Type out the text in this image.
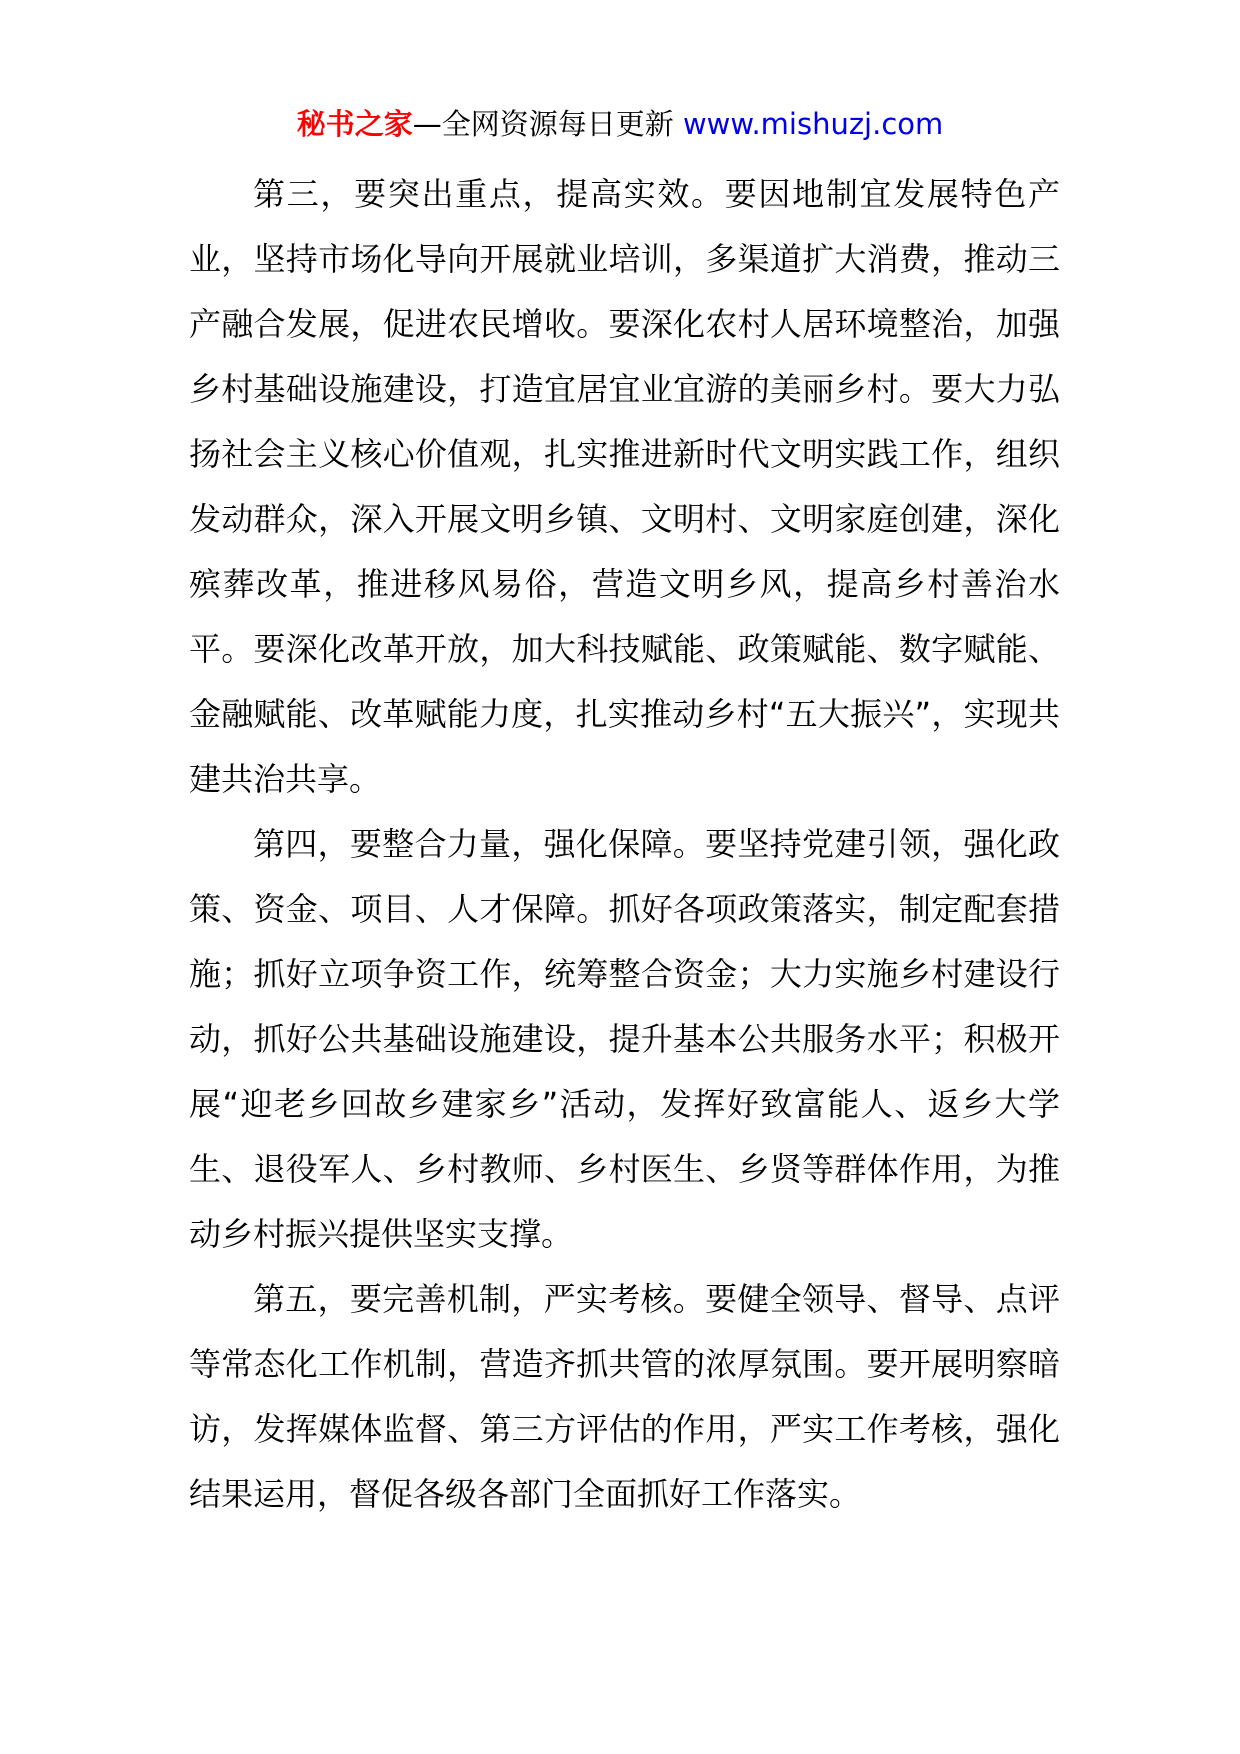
秘书之家—全网资源每日更新 www.mishuzj.com

第三，要突出重点，提高实效。要因地制宜发展特色产业，坚持市场化导向开展就业培训，多渠道扩大消费，推动三产融合发展，促进农民增收。要深化农村人居环境整治，加强乡村基础设施建设，打造宜居宜业宜游的美丽乡村。要大力弘扬社会主义核心价值观，扎实推进新时代文明实践工作，组织发动群众，深入开展文明乡镇、文明村、文明家庭创建，深化殡葬改革，推进移风易俗，营造文明乡风，提高乡村善治水平。要深化改革开放，加大科技赋能、政策赋能、数字赋能、金融赋能、改革赋能力度，扎实推动乡村“五大振兴”，实现共建共治共享。

第四，要整合力量，强化保障。要坚持党建引领，强化政策、资金、项目、人才保障。抓好各项政策落实，制定配套措施；抓好立项争资工作，统筹整合资金；大力实施乡村建设行动，抓好公共基础设施建设，提升基本公共服务水平；积极开展“迎老乡回故乡建家乡”活动，发挥好致富能人、返乡大学生、退役军人、乡村教师、乡村医生、乡贤等群体作用，为推动乡村振兴提供坚实支撑。

第五，要完善机制，严实考核。要健全领导、督导、点评等常态化工作机制，营造齐抓共管的浓厚氛围。要开展明察暗访，发挥媒体监督、第三方评估的作用，严实工作考核，强化结果运用，督促各级各部门全面抓好工作落实。
